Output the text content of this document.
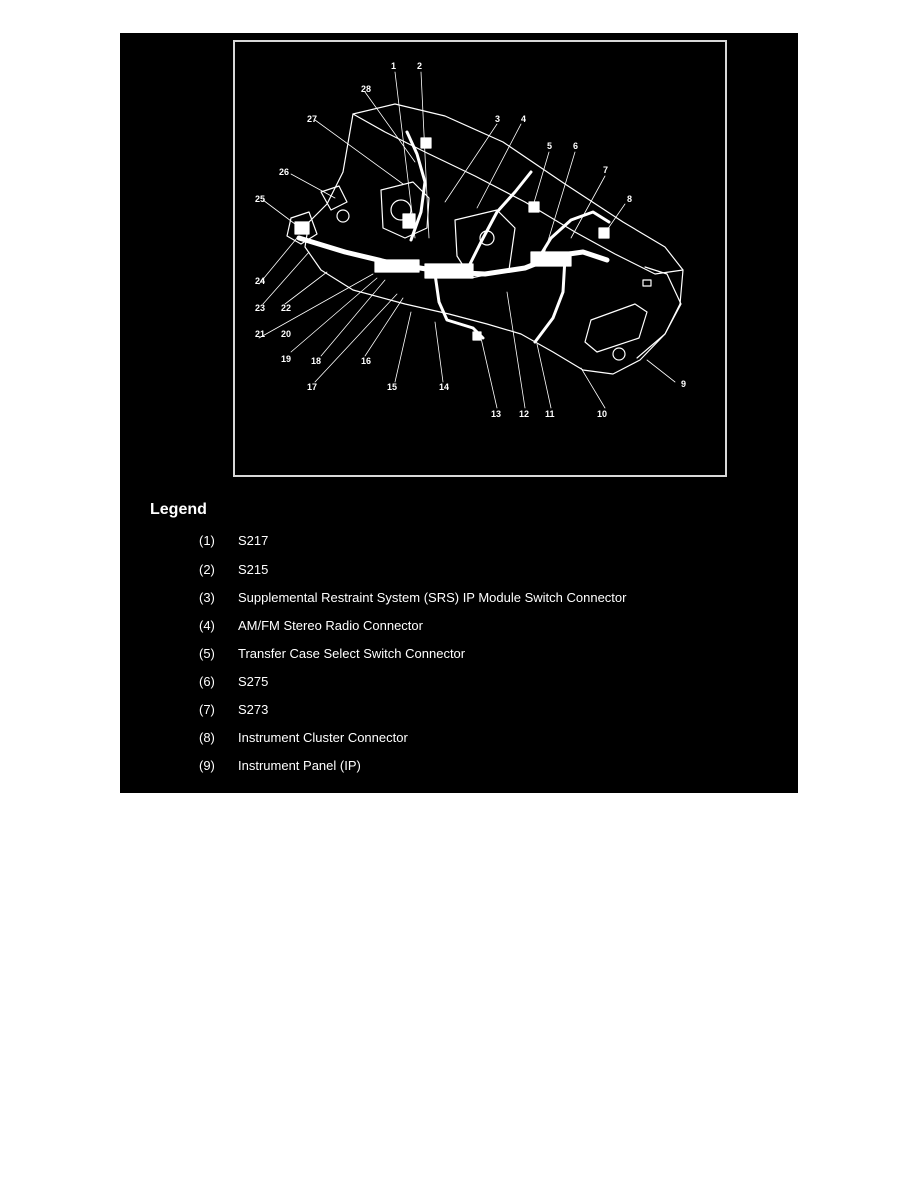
1 2
3 4
5 6
7
8
9
10
11
12
13
14
15
16
17
18
19
20
21
22
23
24
25
26
27
28
Legend
(1) S217
(2) S215
(3) Supplemental Restraint System (SRS) IP Module Switch Connector
(4) AM/FM Stereo Radio Connector
(5) Transfer Case Select Switch Connector
(6) S275
(7) S273
(8) Instrument Cluster Connector
(9) Instrument Panel (IP)
